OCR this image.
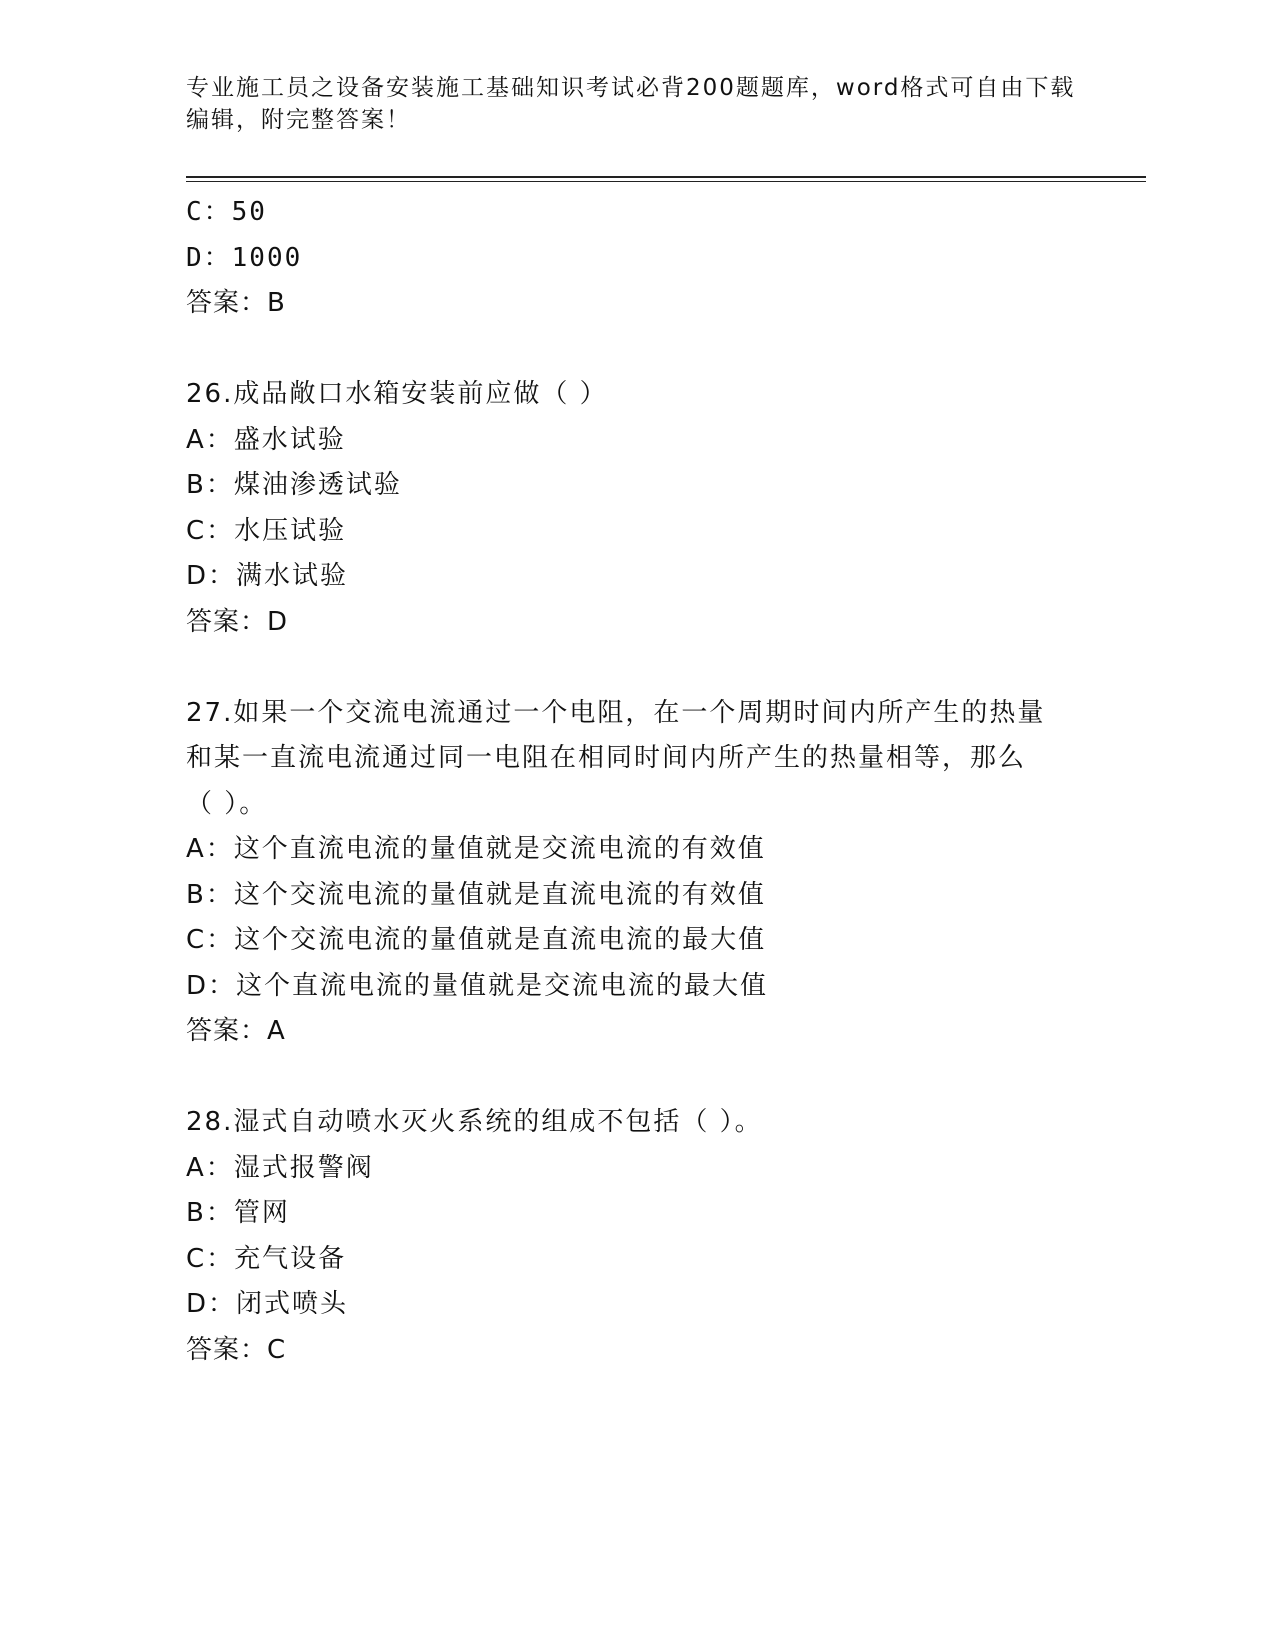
专业施工员之设备安装施工基础知识考试必背200题题库，word格式可自由下载编辑，附完整答案！
C：50
D：1000
答案：B
26.成品敞口水箱安装前应做（ ）
A：盛水试验
B：煤油渗透试验
C：水压试验
D：满水试验
答案：D
27.如果一个交流电流通过一个电阻，在一个周期时间内所产生的热量
和某一直流电流通过同一电阻在相同时间内所产生的热量相等，那么
（ ）。
A：这个直流电流的量值就是交流电流的有效值
B：这个交流电流的量值就是直流电流的有效值
C：这个交流电流的量值就是直流电流的最大值
D：这个直流电流的量值就是交流电流的最大值
答案：A
28.湿式自动喷水灭火系统的组成不包括（ ）。
A：湿式报警阀
B：管网
C：充气设备
D：闭式喷头
答案：C
